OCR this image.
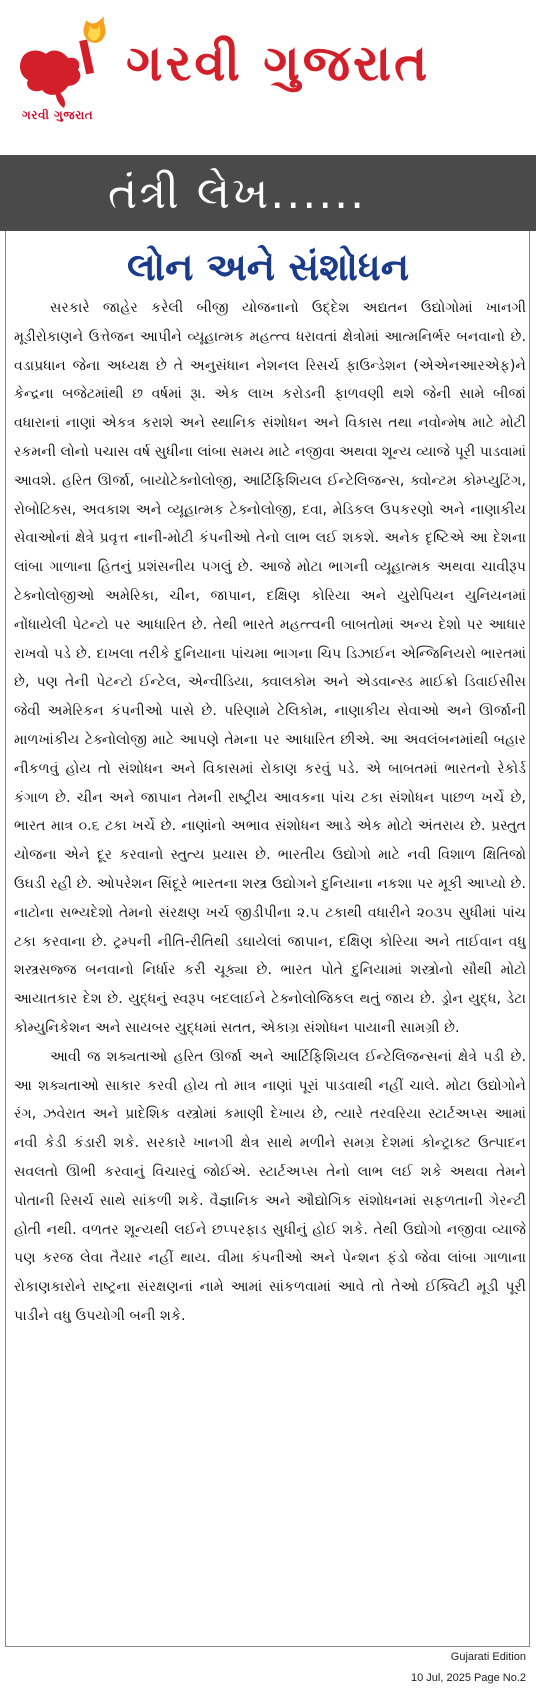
ગરવી ગુજરાત
ગરવી ગુજરાત
તંત્રી લેખ......
લોન અને સંશોધન

સરકારે જાહેર કરેલી બીજી યોજનાનો ઉદ્દેશ અદ્યતન ઉદ્યોગોમાં ખાનગી મૂડીરોકાણને ઉત્તેજન આપીને વ્યૂહાત્મક મહત્ત્વ ધરાવતાં ક્ષેત્રોમાં આત્મનિર્ભર બનવાનો છે. વડાપ્રધાન જેના અધ્યક્ષ છે તે અનુસંધાન નેશનલ રિસર્ચ ફાઉન્ડેશન (એએનઆરએફ)ને કેન્દ્રના બજેટમાંથી છ વર્ષમાં રૂા. એક લાખ કરોડની ફાળવણી થશે જેની સામે બીજાં વધારાનાં નાણાં એકત્ર કરાશે અને સ્થાનિક સંશોધન અને વિકાસ તથા નવોન્મેષ માટે મોટી રકમની લોનો પચાસ વર્ષ સુધીના લાંબા સમય માટે નજીવા અથવા શૂન્ય વ્યાજે પૂરી પાડવામાં આવશે. હરિત ઊર્જા, બાયોટેક્નોલોજી, આર્ટિફિશિયલ ઈન્ટેલિજન્સ, ક્વોન્ટમ કોમ્પ્યુટિંગ, રોબોટિક્સ, અવકાશ અને વ્યૂહાત્મક ટેક્નોલોજી, દવા, મેડિકલ ઉપકરણો અને નાણાકીય સેવાઓનાં ક્ષેત્રે પ્રવૃત્ત નાની-મોટી કંપનીઓ તેનો લાભ લઈ શકશે. અનેક દૃષ્ટિએ આ દેશના લાંબા ગાળાના હિતનું પ્રશંસનીય પગલું છે. આજે મોટા ભાગની વ્યૂહાત્મક અથવા ચાવીરૂપ ટેક્નોલોજીઓ અમેરિકા, ચીન, જાપાન, દક્ષિણ કોરિયા અને યુરોપિયન યુનિયનમાં નોંધાયેલી પેટન્ટો પર આધારિત છે. તેથી ભારતે મહત્ત્વની બાબતોમાં અન્ય દેશો પર આધાર રાખવો પડે છે. દાખલા તરીકે દુનિયાના પાંચમા ભાગના ચિપ ડિઝાઈન એન્જિનિયરો ભારતમાં છે, પણ તેની પેટન્ટો ઈન્ટેલ, એન્વીડિયા, ક્વાલકોમ અને એડવાન્સ્ડ માઈક્રો ડિવાઈસીસ જેવી અમેરિકન કંપનીઓ પાસે છે. પરિણામે ટેલિકોમ, નાણાકીય સેવાઓ અને ઊર્જાની માળખાંકીય ટેક્નોલોજી માટે આપણે તેમના પર આધારિત છીએ. આ અવલંબનમાંથી બહાર નીકળવું હોય તો સંશોધન અને વિકાસમાં રોકાણ કરવું પડે. એ બાબતમાં ભારતનો રેકોર્ડ કંગાળ છે. ચીન અને જાપાન તેમની રાષ્ટ્રીય આવકના પાંચ ટકા સંશોધન પાછળ ખર્ચે છે, ભારત માત્ર ૦.૬ ટકા ખર્ચે છે. નાણાંનો અભાવ સંશોધન આડે એક મોટો અંતરાય છે. પ્રસ્તુત યોજના એને દૂર કરવાનો સ્તુત્ય પ્રયાસ છે. ભારતીય ઉદ્યોગો માટે નવી વિશાળ ક્ષિતિજો ઉઘડી રહી છે. ઓપરેશન સિંદૂરે ભારતના શસ્ત્ર ઉદ્યોગને દુનિયાના નકશા પર મૂકી આપ્યો છે. નાટોના સભ્યદેશો તેમનો સંરક્ષણ ખર્ચ જીડીપીના ૨.૫ ટકાથી વધારીને ૨૦૩૫ સુધીમાં પાંચ ટકા કરવાના છે. ટ્રમ્પની નીતિ-રીતિથી ડઘાયેલાં જાપાન, દક્ષિણ કોરિયા અને તાઈવાન વધુ શસ્ત્રસજ્જ બનવાનો નિર્ધાર કરી ચૂક્યા છે. ભારત પોતે દુનિયામાં શસ્ત્રોનો સૌથી મોટો આયાતકાર દેશ છે. યુદ્ધનું સ્વરૂપ બદલાઈને ટેક્નોલોજિકલ થતું જાય છે. ડ્રોન યુદ્ધ, ડેટા કોમ્યુનિકેશન અને સાયબર યુદ્ધમાં સતત, એકાગ્ર સંશોધન પાયાની સામગ્રી છે.

આવી જ શક્યતાઓ હરિત ઊર્જા અને આર્ટિફિશિયલ ઈન્ટેલિજન્સનાં ક્ષેત્રે પડી છે. આ શક્યતાઓ સાકાર કરવી હોય તો માત્ર નાણાં પૂરાં પાડવાથી નહીં ચાલે. મોટા ઉદ્યોગોને રંગ, ઝવેરાત અને પ્રાદેશિક વસ્ત્રોમાં કમાણી દેખાય છે, ત્યારે તરવરિયા સ્ટાર્ટઅપ્સ આમાં નવી કેડી કંડારી શકે. સરકારે ખાનગી ક્ષેત્ર સાથે મળીને સમગ્ર દેશમાં કોન્ટ્રાક્ટ ઉત્પાદન સવલતો ઊભી કરવાનું વિચારવું જોઈએ. સ્ટાર્ટઅપ્સ તેનો લાભ લઈ શકે અથવા તેમને પોતાની રિસર્ચ સાથે સાંકળી શકે. વૈજ્ઞાનિક અને ઔદ્યોગિક સંશોધનમાં સફળતાની ગેરન્ટી હોતી નથી. વળતર શૂન્યથી લઈને છપ્પરફાડ સુધીનું હોઈ શકે. તેથી ઉદ્યોગો નજીવા વ્યાજે પણ કરજ લેવા તૈયાર નહીં થાય. વીમા કંપનીઓ અને પેન્શન ફંડો જેવા લાંબા ગાળાના રોકાણકારોને રાષ્ટ્રના સંરક્ષણનાં નામે આમાં સાંકળવામાં આવે તો તેઓ ઈક્વિટી મૂડી પૂરી પાડીને વધુ ઉપયોગી બની શકે.

Gujarati Edition
10 Jul, 2025 Page No.2
